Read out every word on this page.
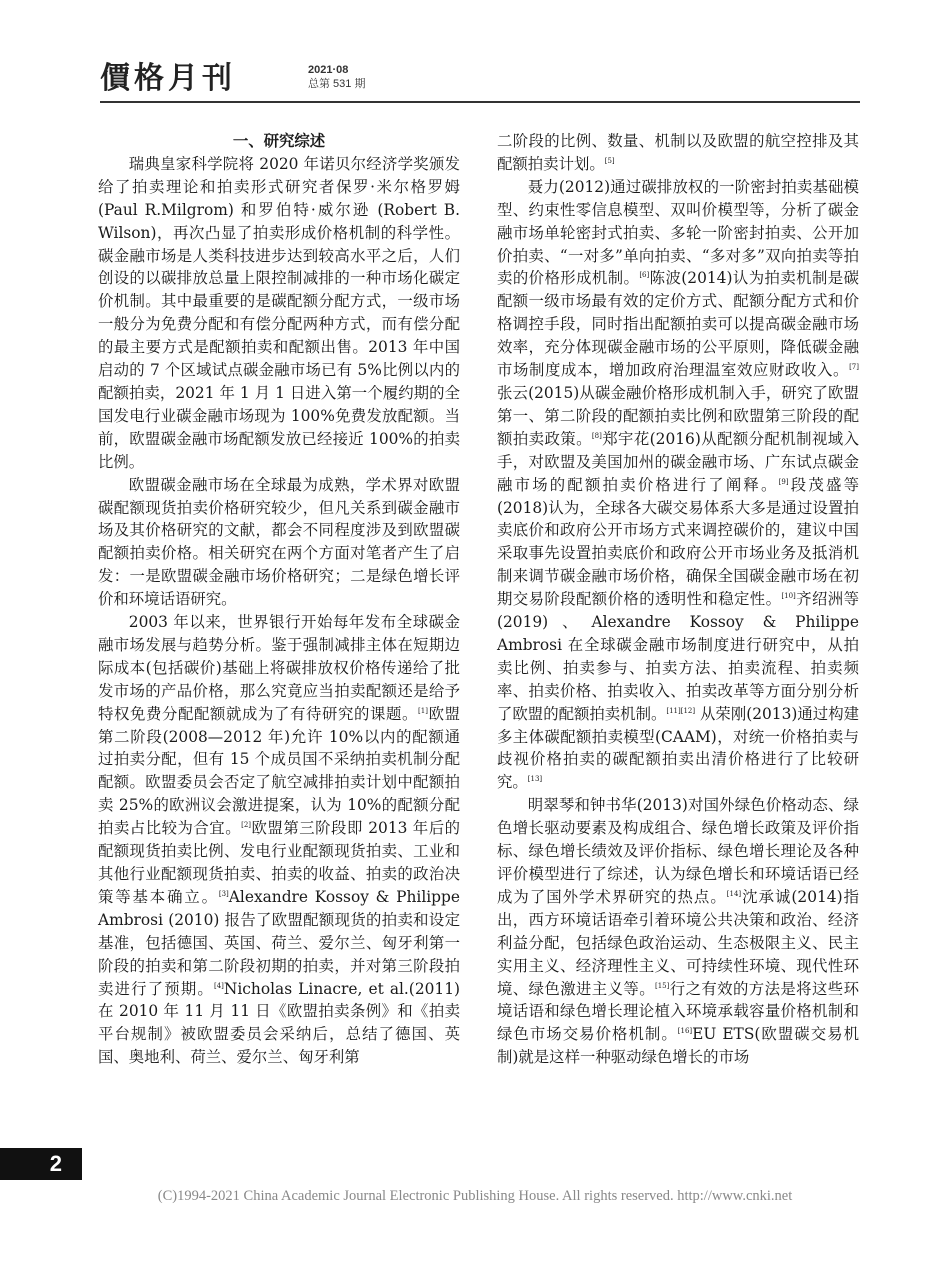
價格月刊	2021·08
总第 531 期
一、研究综述

瑞典皇家科学院将 2020 年诺贝尔经济学奖颁发给了拍卖理论和拍卖形式研究者保罗·米尔格罗姆 (Paul R.Milgrom) 和罗伯特·威尔逊 (Robert B. Wilson)，再次凸显了拍卖形成价格机制的科学性。碳金融市场是人类科技进步达到较高水平之后，人们创设的以碳排放总量上限控制减排的一种市场化碳定价机制。其中最重要的是碳配额分配方式，一级市场一般分为免费分配和有偿分配两种方式，而有偿分配的最主要方式是配额拍卖和配额出售。2013 年中国启动的 7 个区域试点碳金融市场已有 5%比例以内的配额拍卖，2021 年 1 月 1 日进入第一个履约期的全国发电行业碳金融市场现为 100%免费发放配额。当前，欧盟碳金融市场配额发放已经接近 100%的拍卖比例。

欧盟碳金融市场在全球最为成熟，学术界对欧盟碳配额现货拍卖价格研究较少，但凡关系到碳金融市场及其价格研究的文献，都会不同程度涉及到欧盟碳配额拍卖价格。相关研究在两个方面对笔者产生了启发：一是欧盟碳金融市场价格研究；二是绿色增长评价和环境话语研究。

2003 年以来，世界银行开始每年发布全球碳金融市场发展与趋势分析。鉴于强制减排主体在短期边际成本(包括碳价)基础上将碳排放权价格传递给了批发市场的产品价格，那么究竟应当拍卖配额还是给予特权免费分配配额就成为了有待研究的课题。[1]欧盟第二阶段(2008—2012 年)允许 10%以内的配额通过拍卖分配，但有 15 个成员国不采纳拍卖机制分配配额。欧盟委员会否定了航空减排拍卖计划中配额拍卖 25%的欧洲议会激进提案，认为 10%的配额分配拍卖占比较为合宜。[2]欧盟第三阶段即 2013 年后的配额现货拍卖比例、发电行业配额现货拍卖、工业和其他行业配额现货拍卖、拍卖的收益、拍卖的政治决策等基本确立。[3]Alexandre Kossoy & Philippe Ambrosi (2010) 报告了欧盟配额现货的拍卖和设定基准，包括德国、英国、荷兰、爱尔兰、匈牙利第一阶段的拍卖和第二阶段初期的拍卖，并对第三阶段拍卖进行了预期。[4]Nicholas Linacre, et al.(2011) 在 2010 年 11 月 11 日《欧盟拍卖条例》和《拍卖平台规制》被欧盟委员会采纳后，总结了德国、英国、奥地利、荷兰、爱尔兰、匈牙利第

二阶段的比例、数量、机制以及欧盟的航空控排及其配额拍卖计划。[5]

聂力(2012)通过碳排放权的一阶密封拍卖基础模型、约束性零信息模型、双叫价模型等，分析了碳金融市场单轮密封式拍卖、多轮一阶密封拍卖、公开加价拍卖、“一对多”单向拍卖、“多对多”双向拍卖等拍卖的价格形成机制。[6]陈波(2014)认为拍卖机制是碳配额一级市场最有效的定价方式、配额分配方式和价格调控手段，同时指出配额拍卖可以提高碳金融市场效率，充分体现碳金融市场的公平原则，降低碳金融市场制度成本，增加政府治理温室效应财政收入。[7]张云(2015)从碳金融价格形成机制入手，研究了欧盟第一、第二阶段的配额拍卖比例和欧盟第三阶段的配额拍卖政策。[8]郑宇花(2016)从配额分配机制视域入手，对欧盟及美国加州的碳金融市场、广东试点碳金融市场的配额拍卖价格进行了阐释。[9]段茂盛等(2018)认为，全球各大碳交易体系大多是通过设置拍卖底价和政府公开市场方式来调控碳价的，建议中国采取事先设置拍卖底价和政府公开市场业务及抵消机制来调节碳金融市场价格，确保全国碳金融市场在初期交易阶段配额价格的透明性和稳定性。[10]齐绍洲等(2019)、Alexandre Kossoy & Philippe Ambrosi 在全球碳金融市场制度进行研究中，从拍卖比例、拍卖参与、拍卖方法、拍卖流程、拍卖频率、拍卖价格、拍卖收入、拍卖改革等方面分别分析了欧盟的配额拍卖机制。[11][12] 从荣刚(2013)通过构建多主体碳配额拍卖模型(CAAM)，对统一价格拍卖与歧视价格拍卖的碳配额拍卖出清价格进行了比较研究。[13]

明翠琴和钟书华(2013)对国外绿色价格动态、绿色增长驱动要素及构成组合、绿色增长政策及评价指标、绿色增长绩效及评价指标、绿色增长理论及各种评价模型进行了综述，认为绿色增长和环境话语已经成为了国外学术界研究的热点。[14]沈承诚(2014)指出，西方环境话语牵引着环境公共决策和政治、经济利益分配，包括绿色政治运动、生态极限主义、民主实用主义、经济理性主义、可持续性环境、现代性环境、绿色激进主义等。[15]行之有效的方法是将这些环境话语和绿色增长理论植入环境承载容量价格机制和绿色市场交易价格机制。[16]EU ETS(欧盟碳交易机制)就是这样一种驱动绿色增长的市场

2
(C)1994-2021 China Academic Journal Electronic Publishing House. All rights reserved. http://www.cnki.net
